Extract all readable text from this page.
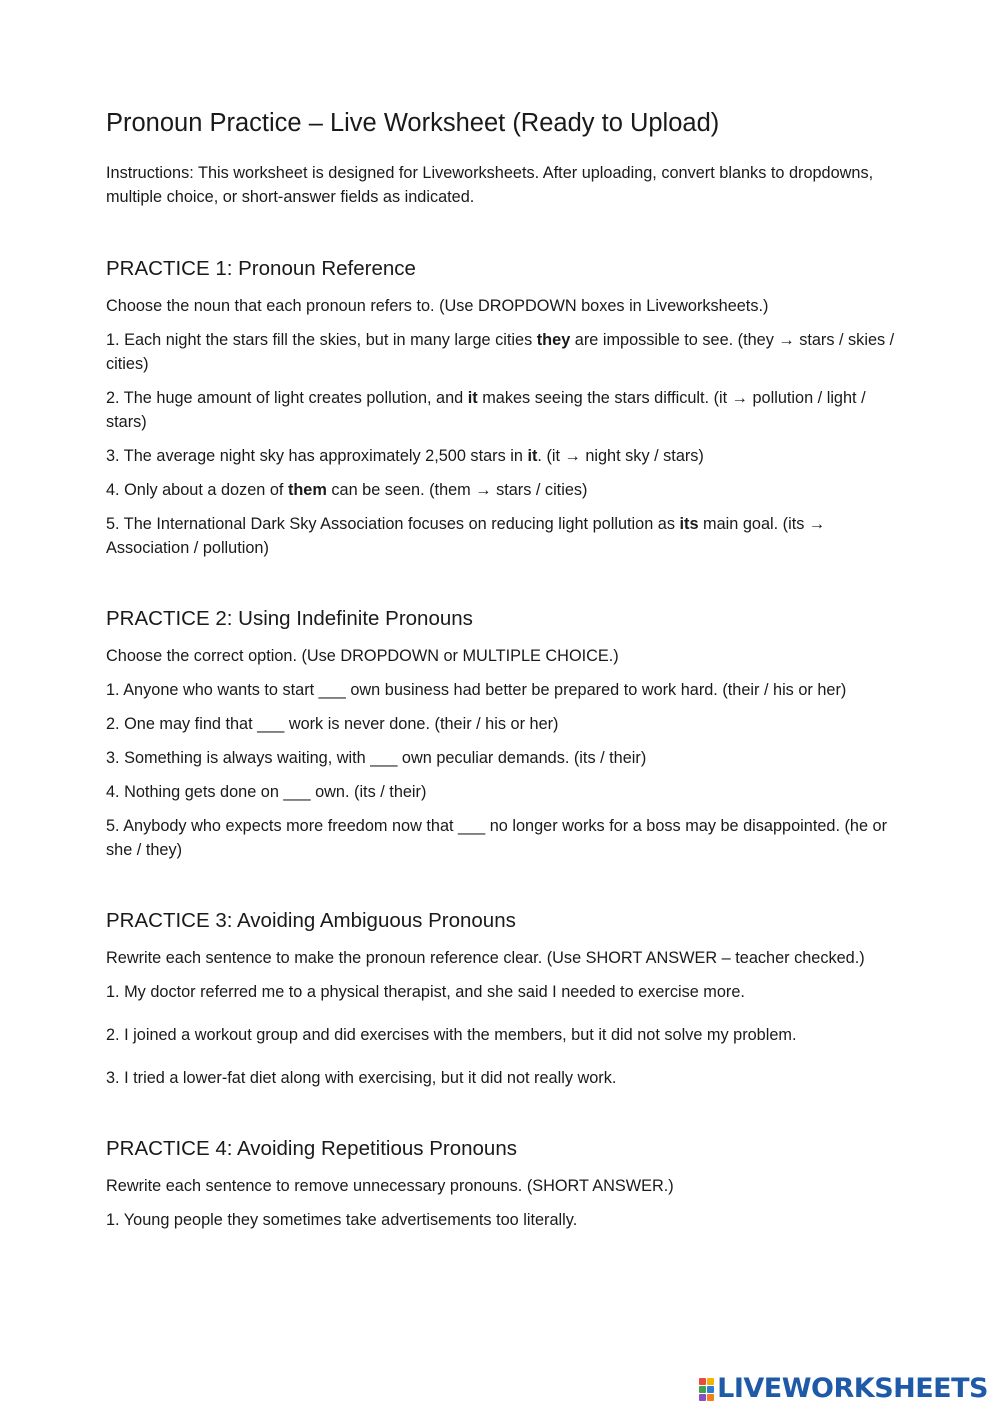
Pronoun Practice – Live Worksheet (Ready to Upload)

Instructions: This worksheet is designed for Liveworksheets. After uploading, convert blanks to dropdowns, multiple choice, or short-answer fields as indicated.

PRACTICE 1: Pronoun Reference

Choose the noun that each pronoun refers to. (Use DROPDOWN boxes in Liveworksheets.)

1. Each night the stars fill the skies, but in many large cities they are impossible to see. (they → stars / skies / cities)

2. The huge amount of light creates pollution, and it makes seeing the stars difficult. (it → pollution / light / stars)

3. The average night sky has approximately 2,500 stars in it. (it → night sky / stars)

4. Only about a dozen of them can be seen. (them → stars / cities)

5. The International Dark Sky Association focuses on reducing light pollution as its main goal. (its → Association / pollution)

PRACTICE 2: Using Indefinite Pronouns

Choose the correct option. (Use DROPDOWN or MULTIPLE CHOICE.)

1. Anyone who wants to start ___ own business had better be prepared to work hard. (their / his or her)

2. One may find that ___ work is never done. (their / his or her)

3. Something is always waiting, with ___ own peculiar demands. (its / their)

4. Nothing gets done on ___ own. (its / their)

5. Anybody who expects more freedom now that ___ no longer works for a boss may be disappointed. (he or she / they)

PRACTICE 3: Avoiding Ambiguous Pronouns

Rewrite each sentence to make the pronoun reference clear. (Use SHORT ANSWER – teacher checked.)

1. My doctor referred me to a physical therapist, and she said I needed to exercise more.

2. I joined a workout group and did exercises with the members, but it did not solve my problem.

3. I tried a lower-fat diet along with exercising, but it did not really work.

PRACTICE 4: Avoiding Repetitious Pronouns

Rewrite each sentence to remove unnecessary pronouns. (SHORT ANSWER.)

1. Young people they sometimes take advertisements too literally.

LIVEWORKSHEETS
